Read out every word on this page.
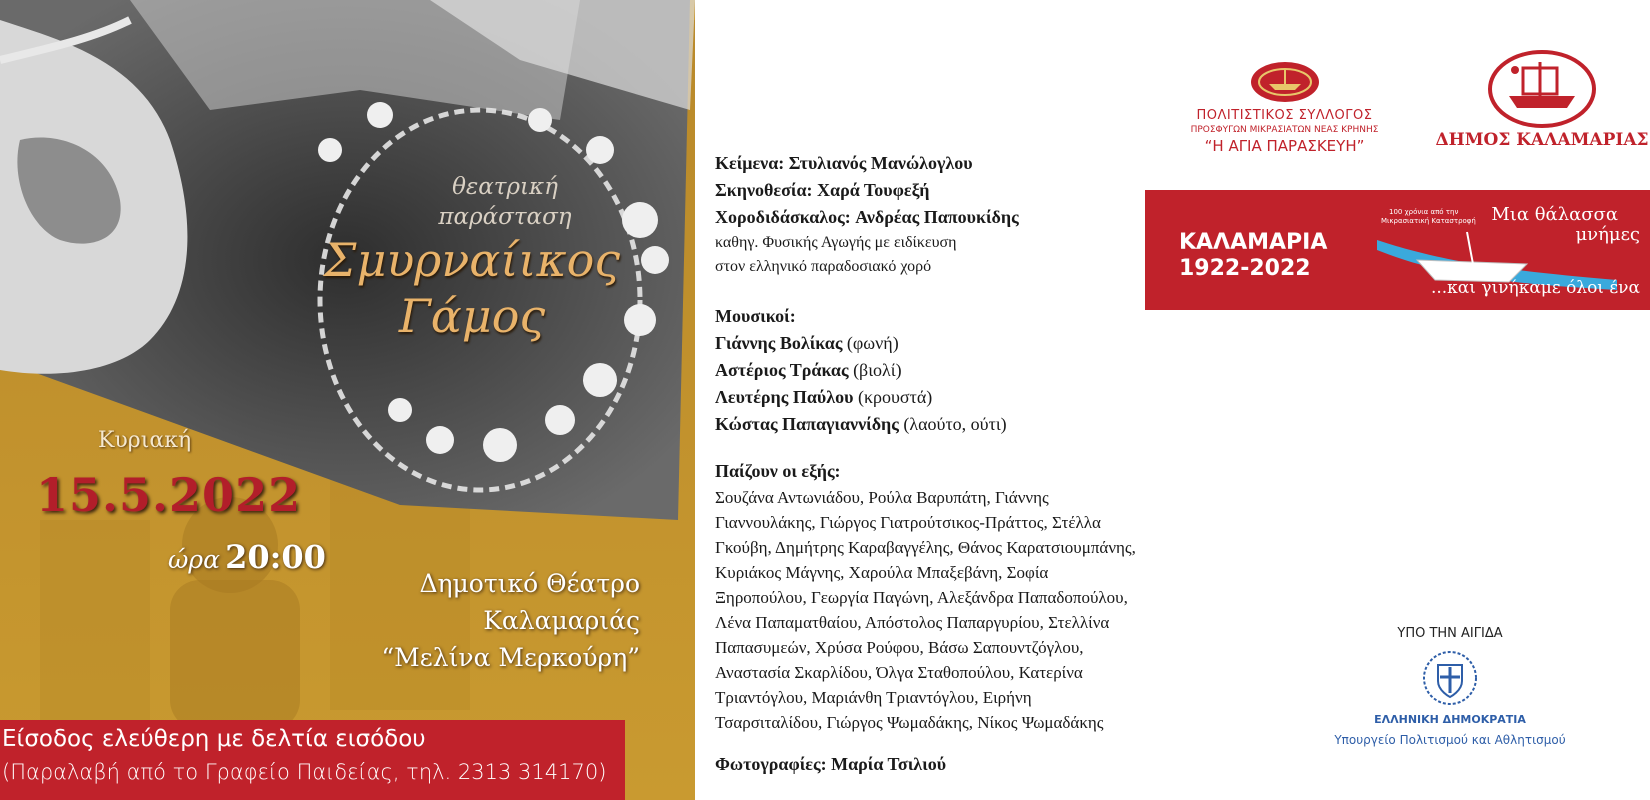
θεατρική
παράσταση
Σμυρναίικος
Γάμος
Κυριακή
15.5.2022
ώρα 20:00
Δημοτικό Θέατρο
Καλαμαριάς
“Μελίνα Μερκούρη”
Είσοδος ελεύθερη με δελτία εισόδου
(Παραλαβή από το Γραφείο Παιδείας, τηλ. 2313 314170)
Κείμενα: Στυλιανός Μανώλογλου
Σκηνοθεσία: Χαρά Τουφεξή
Χοροδιδάσκαλος: Ανδρέας Παπουκίδης
καθηγ. Φυσικής Αγωγής με ειδίκευση
στον ελληνικό παραδοσιακό χορό
Μουσικοί:
Γιάννης Βολίκας (φωνή)
Αστέριος Τράκας (βιολί)
Λευτέρης Παύλου (κρουστά)
Κώστας Παπαγιαννίδης (λαούτο, ούτι)
Παίζουν οι εξής:
Σουζάνα Αντωνιάδου, Ρούλα Βαρυπάτη, Γιάννης
Γιαννουλάκης, Γιώργος Γιατρούτσικος-Πράττος, Στέλλα
Γκούβη, Δημήτρης Καραβαγγέλης, Θάνος Καρατσιουμπάνης,
Κυριάκος Μάγνης, Χαρούλα Μπαξεβάνη, Σοφία
Ξηροπούλου, Γεωργία Παγώνη, Αλεξάνδρα Παπαδοπούλου,
Λένα Παπαματθαίου, Απόστολος Παπαργυρίου, Στελλίνα
Παπασυμεών, Χρύσα Ρούφου, Βάσω Σαπουντζόγλου,
Αναστασία Σκαρλίδου, Όλγα Σταθοπούλου, Κατερίνα
Τριαντόγλου, Μαριάνθη Τριαντόγλου, Ειρήνη
Τσαρσιταλίδου, Γιώργος Ψωμαδάκης, Νίκος Ψωμαδάκης
Φωτογραφίες: Μαρία Τσιλιού
ΠΟΛΙΤΙΣΤΙΚΟΣ ΣΥΛΛΟΓΟΣ
ΠΡΟΣΦΥΓΩΝ ΜΙΚΡΑΣΙΑΤΩΝ ΝΕΑΣ ΚΡΗΝΗΣ
“Η ΑΓΙΑ ΠΑΡΑΣΚΕΥΗ”	ΔΗΜΟΣ ΚΑΛΑΜΑΡΙΑΣ
ΚΑΛΑΜΑΡΙΑ
1922-2022
100 χρόνια από την
Μικρασιατική Καταστροφή Μια θάλασσα
μνήμες
...και γινήκαμε όλοι ένα
ΥΠΟ ΤΗΝ ΑΙΓΙΔΑ
ΕΛΛΗΝΙΚΗ ΔΗΜΟΚΡΑΤΙΑ
Υπουργείο Πολιτισμού και Αθλητισμού
